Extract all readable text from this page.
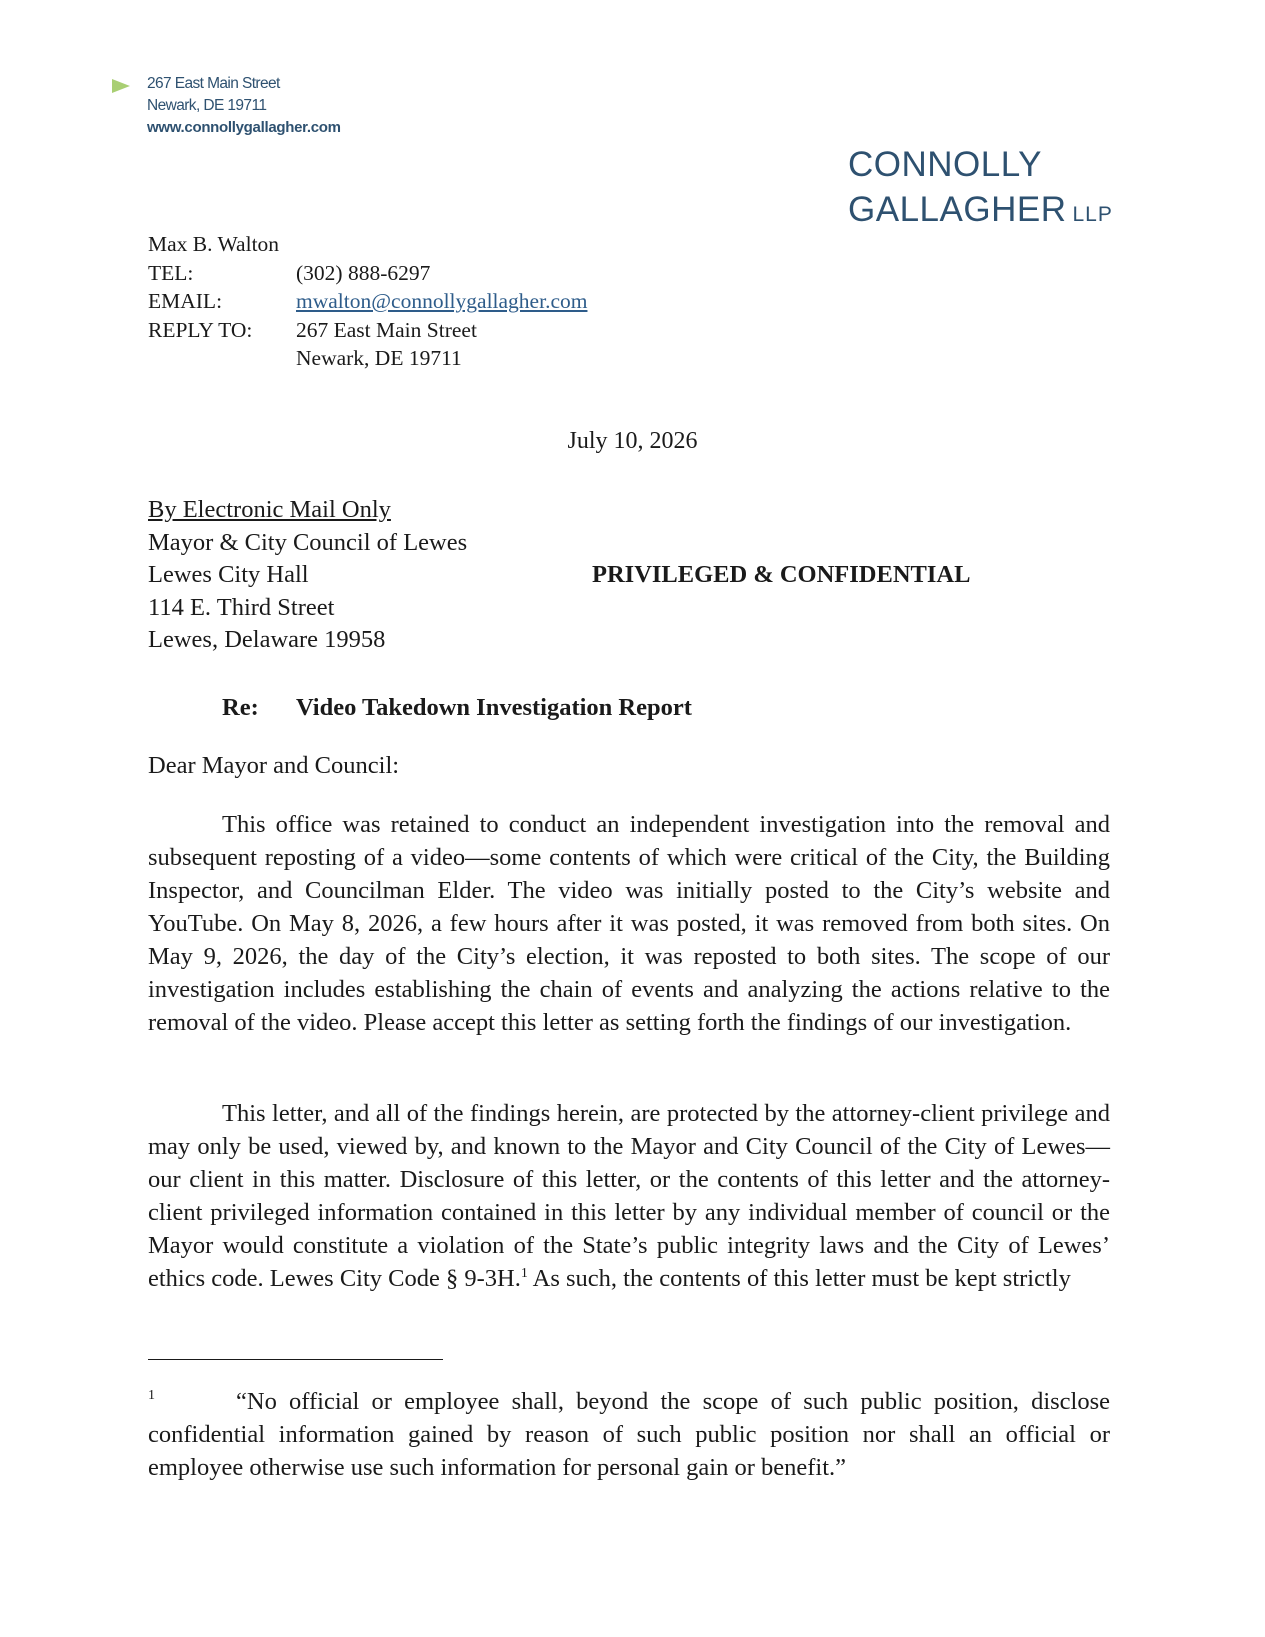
267 East Main Street
Newark, DE 19711
www.connollygallagher.com
CONNOLLY
GALLAGHER LLP
Max B. Walton
TEL:	(302) 888-6297
EMAIL:	mwalton@connollygallagher.com
REPLY TO:	267 East Main Street
Newark, DE 19711
July 10, 2026
By Electronic Mail Only
Mayor & City Council of Lewes
Lewes City Hall
114 E. Third Street
Lewes, Delaware 19958
PRIVILEGED & CONFIDENTIAL
Re: Video Takedown Investigation Report
Dear Mayor and Council:

This office was retained to conduct an independent investigation into the removal and subsequent reposting of a video—some contents of which were critical of the City, the Building Inspector, and Councilman Elder. The video was initially posted to the City’s website and YouTube. On May 8, 2026, a few hours after it was posted, it was removed from both sites. On May 9, 2026, the day of the City’s election, it was reposted to both sites. The scope of our investigation includes establishing the chain of events and analyzing the actions relative to the removal of the video. Please accept this letter as setting forth the findings of our investigation.

This letter, and all of the findings herein, are protected by the attorney-client privilege and may only be used, viewed by, and known to the Mayor and City Council of the City of Lewes—our client in this matter. Disclosure of this letter, or the contents of this letter and the attorney-client privileged information contained in this letter by any individual member of council or the Mayor would constitute a violation of the State’s public integrity laws and the City of Lewes’ ethics code. Lewes City Code § 9-3H.$^1$ As such, the contents of this letter must be kept strictly

1	“No official or employee shall, beyond the scope of such public position, disclose confidential information gained by reason of such public position nor shall an official or employee otherwise use such information for personal gain or benefit.”
